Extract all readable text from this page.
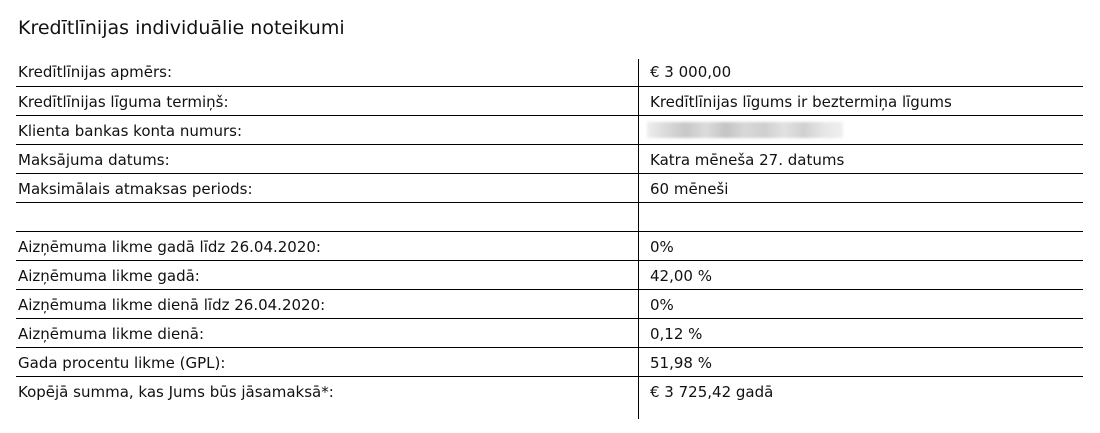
Kredītlīnijas individuālie noteikumi
Kredītlīnijas apmērs:	€ 3 000,00
Kredītlīnijas līguma termiņš:	Kredītlīnijas līgums ir beztermiņa līgums
Klienta bankas konta numurs:
Maksājuma datums:	Katra mēneša 27. datums
Maksimālais atmaksas periods:	60 mēneši
Aizņēmuma likme gadā līdz 26.04.2020:	0%
Aizņēmuma likme gadā:	42,00 %
Aizņēmuma likme dienā līdz 26.04.2020:	0%
Aizņēmuma likme dienā:	0,12 %
Gada procentu likme (GPL):	51,98 %
Kopējā summa, kas Jums būs jāsamaksā*:	€ 3 725,42 gadā
